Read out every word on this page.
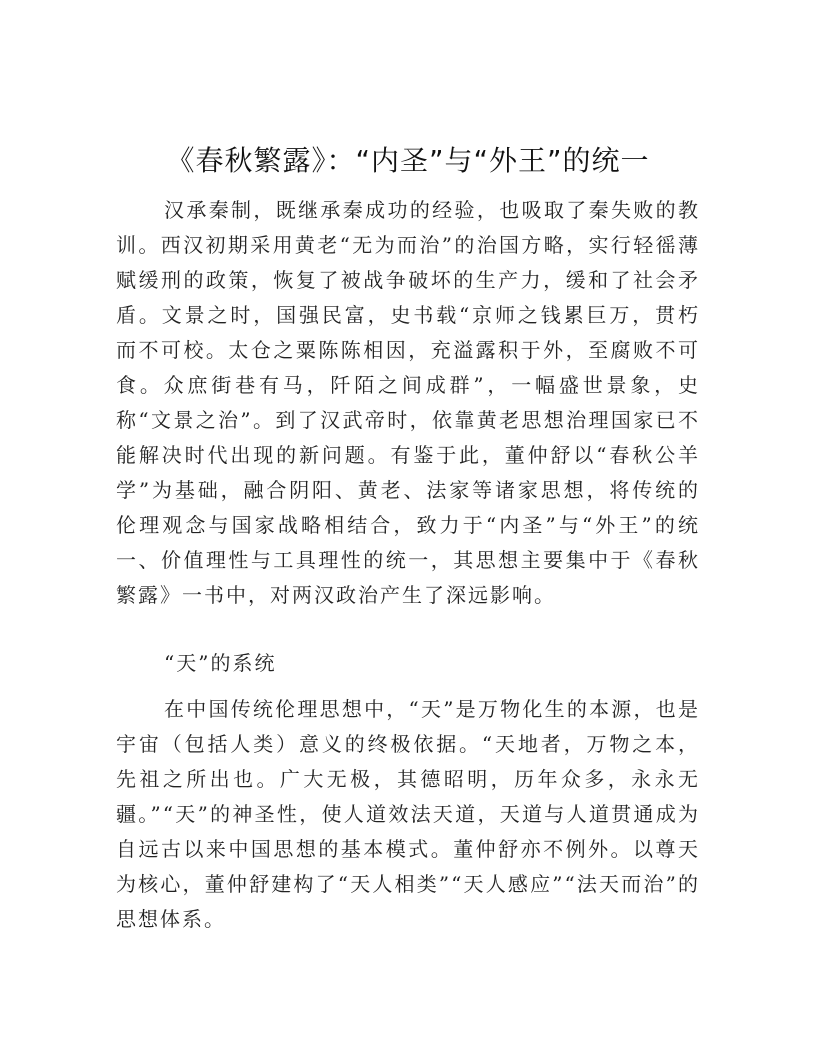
《春秋繁露》：“内圣”与“外王”的统一

汉承秦制，既继承秦成功的经验，也吸取了秦失败的教训。西汉初期采用黄老“无为而治”的治国方略，实行轻徭薄赋缓刑的政策，恢复了被战争破坏的生产力，缓和了社会矛盾。文景之时，国强民富，史书载“京师之钱累巨万，贯朽而不可校。太仓之粟陈陈相因，充溢露积于外，至腐败不可食。众庶街巷有马，阡陌之间成群”，一幅盛世景象，史称“文景之治”。到了汉武帝时，依靠黄老思想治理国家已不能解决时代出现的新问题。有鉴于此，董仲舒以“春秋公羊学”为基础，融合阴阳、黄老、法家等诸家思想，将传统的伦理观念与国家战略相结合，致力于“内圣”与“外王”的统一、价值理性与工具理性的统一，其思想主要集中于《春秋繁露》一书中，对两汉政治产生了深远影响。

“天”的系统

在中国传统伦理思想中，“天”是万物化生的本源，也是宇宙（包括人类）意义的终极依据。“天地者，万物之本，先祖之所出也。广大无极，其德昭明，历年众多，永永无疆。”“天”的神圣性，使人道效法天道，天道与人道贯通成为自远古以来中国思想的基本模式。董仲舒亦不例外。以尊天为核心，董仲舒建构了“天人相类”“天人感应”“法天而治”的思想体系。
